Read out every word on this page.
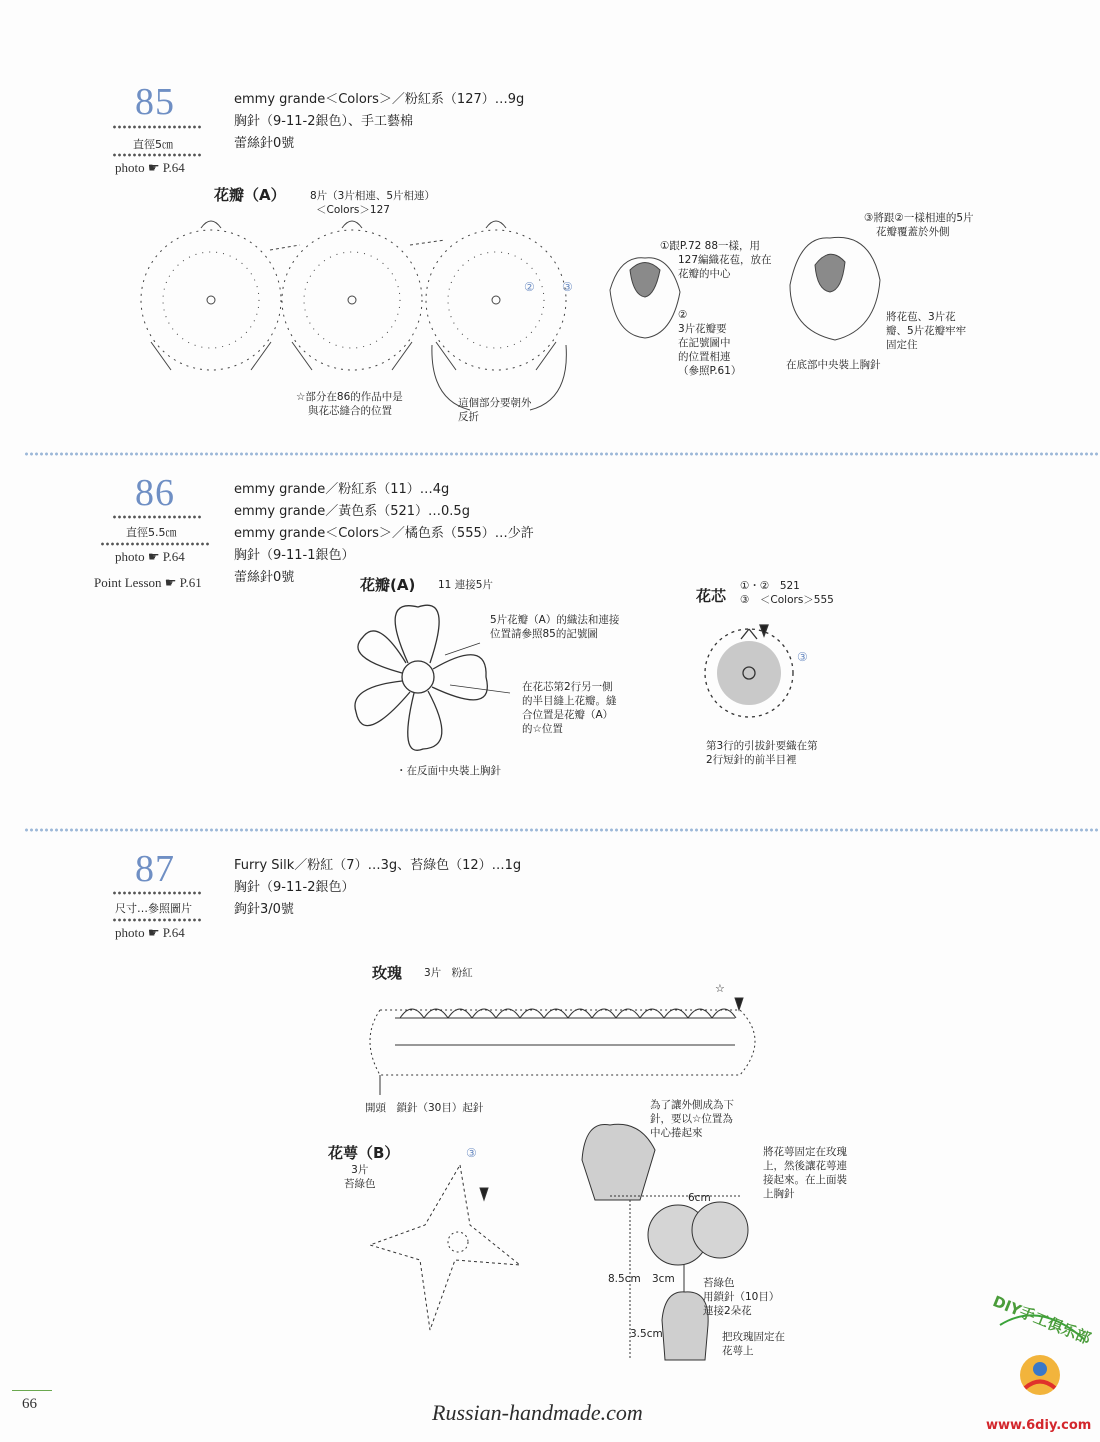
85
直徑5㎝
photo ☛ P.64
emmy grande＜Colors＞／粉紅系（127）…9g
胸針（9-11-2銀色）、手工藝棉
蕾絲針0號
花瓣（A） 8片（3片相連、5片相連）
＜Colors＞127
② ③
☆部分在86的作品中是
與花芯縫合的位置
這個部分要朝外
反折
①跟P.72 88一樣，用
127編織花苞，放在
花瓣的中心
②
3片花瓣要
在記號圖中
的位置相連
（參照P.61）
③將跟②一樣相連的5片
花瓣覆蓋於外側
將花苞、3片花
瓣、5片花瓣牢牢
固定住
在底部中央裝上胸針
86
直徑5.5㎝
photo ☛ P.64
Point Lesson ☛ P.61
emmy grande／粉紅系（11）…4g
emmy grande／黃色系（521）…0.5g
emmy grande＜Colors＞／橘色系（555）…少許
胸針（9-11-1銀色）
蕾絲針0號	花瓣(A) 11 連接5片
③
5片花瓣（A）的織法和連接
位置請參照85的記號圖
在花芯第2行另一側
的半目縫上花瓣。縫
合位置是花瓣（A）
的☆位置
・在反面中央裝上胸針
花芯
①・②　521
③　＜Colors＞555
第3行的引拔針要織在第
2行短針的前半目裡
87
尺寸…參照圖片
photo ☛ P.64
Furry Silk／粉紅（7）…3g、苔綠色（12）…1g
胸針（9-11-2銀色）
鉤針3/0號
玫瑰 3片　粉紅
③
☆
開頭　鎖針（30目）起針
花萼（B）
3片
苔綠色
為了讓外側成為下
針，要以☆位置為
中心捲起來
將花萼固定在玫瑰
上，然後讓花萼連
接起來。在上面裝
上胸針
6cm
8.5cm 3cm
3.5cm
苔綠色
用鎖針（10目）
連接2朵花
把玫瑰固定在
花萼上
66	Russian-handmade.com
DIY手工俱乐部
www.6diy.com
